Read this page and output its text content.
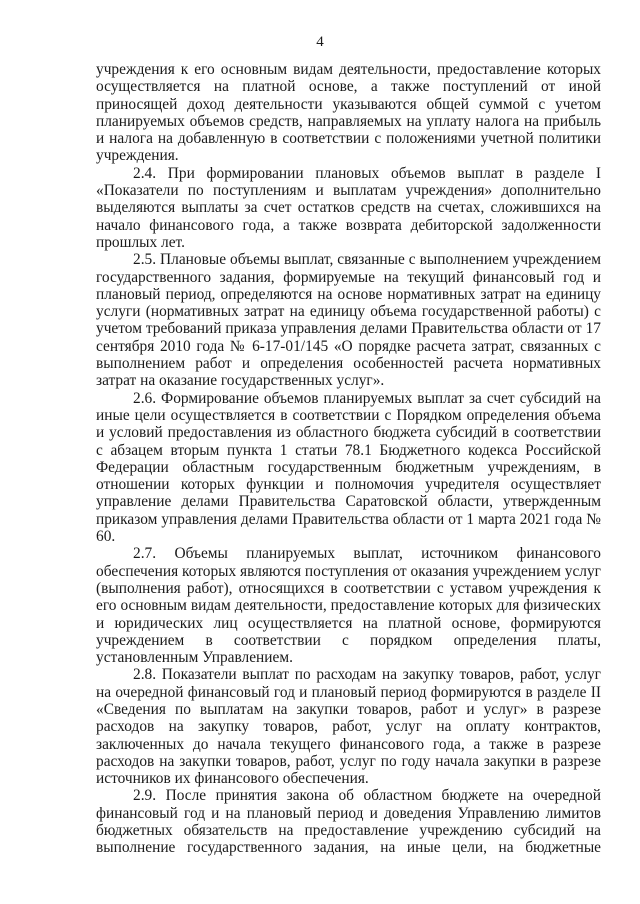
4

учреждения к его основным видам деятельности, предоставление которых осуществляется на платной основе, а также поступлений от иной приносящей доход деятельности указываются общей суммой с учетом планируемых объемов средств, направляемых на уплату налога на прибыль и налога на добавленную в соответствии с положениями учетной политики учреждения.

2.4. При формировании плановых объемов выплат в разделе I «Показатели по поступлениям и выплатам учреждения» дополнительно выделяются выплаты за счет остатков средств на счетах, сложившихся на начало финансового года, а также возврата дебиторской задолженности прошлых лет.

2.5. Плановые объемы выплат, связанные с выполнением учреждением государственного задания, формируемые на текущий финансовый год и плановый период, определяются на основе нормативных затрат на единицу услуги (нормативных затрат на единицу объема государственной работы) с учетом требований приказа управления делами Правительства области от 17 сентября 2010 года № 6-17-01/145 «О порядке расчета затрат, связанных с выполнением работ и определения особенностей расчета нормативных затрат на оказание государственных услуг».

2.6. Формирование объемов планируемых выплат за счет субсидий на иные цели осуществляется в соответствии с Порядком определения объема и условий предоставления из областного бюджета субсидий в соответствии с абзацем вторым пункта 1 статьи 78.1 Бюджетного кодекса Российской Федерации областным государственным бюджетным учреждениям, в отношении которых функции и полномочия учредителя осуществляет управление делами Правительства Саратовской области, утвержденным приказом управления делами Правительства области от 1 марта 2021 года № 60.

2.7. Объемы планируемых выплат, источником финансового обеспечения которых являются поступления от оказания учреждением услуг (выполнения работ), относящихся в соответствии с уставом учреждения к его основным видам деятельности, предоставление которых для физических и юридических лиц осуществляется на платной основе, формируются учреждением в соответствии с порядком определения платы, установленным Управлением.

2.8. Показатели выплат по расходам на закупку товаров, работ, услуг на очередной финансовый год и плановый период формируются в разделе II «Сведения по выплатам на закупки товаров, работ и услуг» в разрезе расходов на закупку товаров, работ, услуг на оплату контрактов, заключенных до начала текущего финансового года, а также в разрезе расходов на закупки товаров, работ, услуг по году начала закупки в разрезе источников их финансового обеспечения.

2.9. После принятия закона об областном бюджете на очередной финансовый год и на плановый период и доведения Управлению лимитов бюджетных обязательств на предоставление учреждению субсидий на выполнение государственного задания, на иные цели, на бюджетные
